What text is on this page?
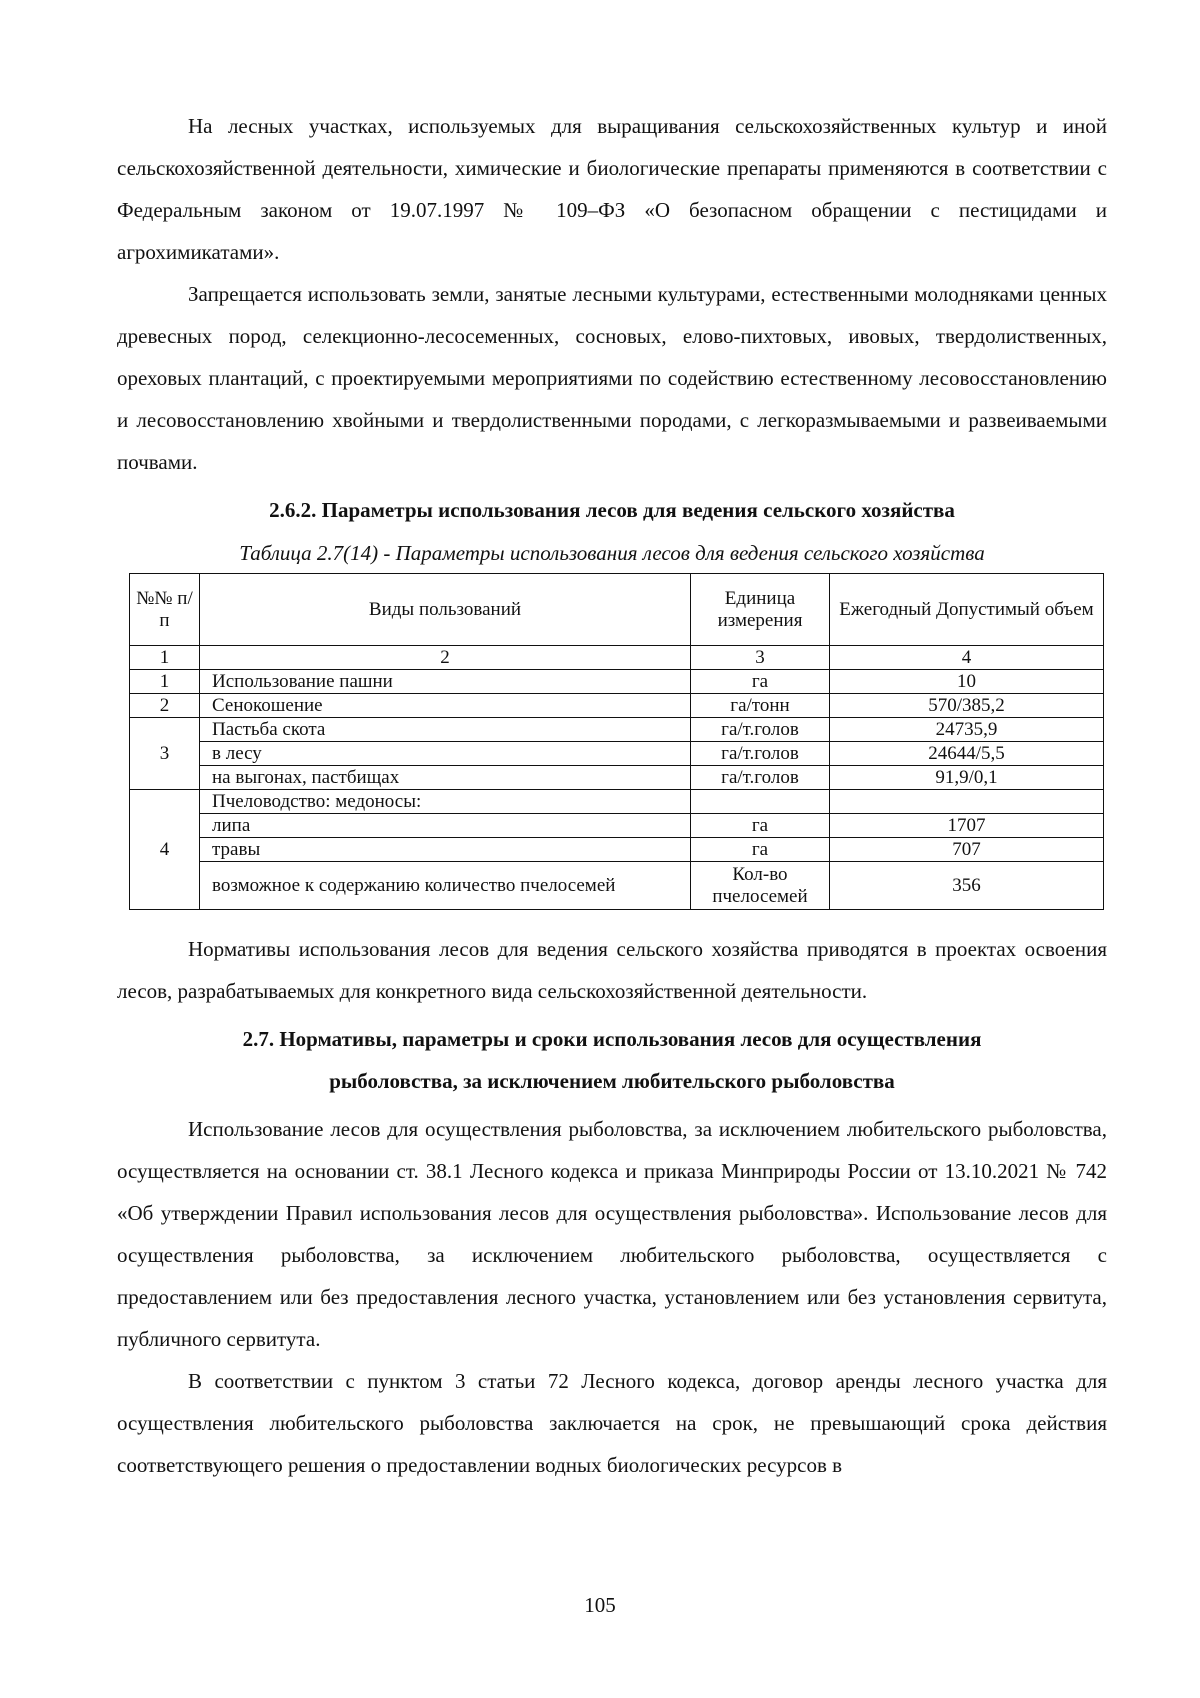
На лесных участках, используемых для выращивания сельскохозяйственных культур и иной сельскохозяйственной деятельности, химические и биологические препараты применяются в соответствии с Федеральным законом от 19.07.1997 № 109–ФЗ «О безопасном обращении с пестицидами и агрохимикатами».

Запрещается использовать земли, занятые лесными культурами, естественными молодняками ценных древесных пород, селекционно-лесосеменных, сосновых, елово-пихтовых, ивовых, твердолиственных, ореховых плантаций, с проектируемыми мероприятиями по содействию естественному лесовосстановлению и лесовосстановлению хвойными и твердолиственными породами, с легкоразмываемыми и развеиваемыми почвами.

2.6.2. Параметры использования лесов для ведения сельского хозяйства
Таблица 2.7(14) - Параметры использования лесов для ведения сельского хозяйства
№№ п/п	Виды пользований	Единица измерения	Ежегодный Допустимый объем
1	2	3	4
1	Использование пашни	га	10
2	Сенокошение	га/тонн	570/385,2
3	Пастьба скота	га/т.голов	24735,9
	в лесу	га/т.голов	24644/5,5
	на выгонах, пастбищах	га/т.голов	91,9/0,1
4	Пчеловодство: медоносы:		
	липа	га	1707
	травы	га	707
	возможное к содержанию количество пчелосемей	Кол-во пчелосемей	356

Нормативы использования лесов для ведения сельского хозяйства приводятся в проектах освоения лесов, разрабатываемых для конкретного вида сельскохозяйственной деятельности.

2.7. Нормативы, параметры и сроки использования лесов для осуществления
рыболовства, за исключением любительского рыболовства

Использование лесов для осуществления рыболовства, за исключением любительского рыболовства, осуществляется на основании ст. 38.1 Лесного кодекса и приказа Минприроды России от 13.10.2021 № 742 «Об утверждении Правил использования лесов для осуществления рыболовства». Использование лесов для осуществления рыболовства, за исключением любительского рыболовства, осуществляется с предоставлением или без предоставления лесного участка, установлением или без установления сервитута, публичного сервитута.

В соответствии с пунктом 3 статьи 72 Лесного кодекса, договор аренды лесного участка для осуществления любительского рыболовства заключается на срок, не превышающий срока действия соответствующего решения о предоставлении водных биологических ресурсов в

105
